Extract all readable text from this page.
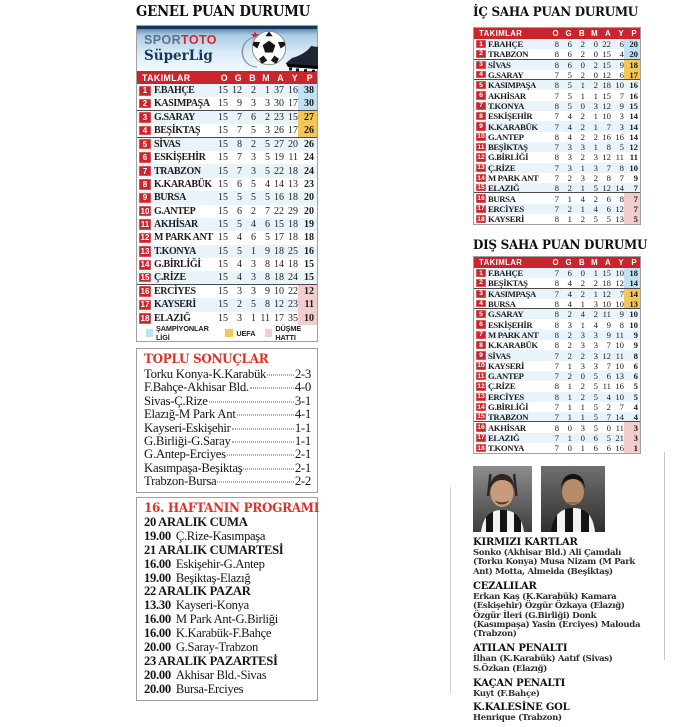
GENEL PUAN DURUMU
SPORTOTO
SüperLig
TAKIMLAR	O G B M A Y P
1 F.BAHÇE	15 12 2 1 37 16 38
2 KASIMPAŞA 15 9 3 3 30 17 30
3 G.SARAY	15 7 6 2 23 15 27
4 BEŞİKTAŞ	15 7 5 3 26 17 26
5 SİVAS	15 8 2 5 27 20 26
6 ESKİŞEHİR	15 7 3 5 19 11 24
7 TRABZON	15 7 3 5 22 18 24
8 K.KARABÜK 15 6 5 4 14 13 23
9 BURSA	15 5 5 5 16 18 20
10 G.ANTEP	15 6 2 7 22 29 20
11 AKHİSAR	15 5 4 6 15 18 19
12 M PARK ANT 15 4 6 5 17 18 18
13 T.KONYA	15 5 1 9 18 25 16
14 G.BİRLİĞİ	15 4 3 8 14 18 15
15 Ç.RİZE	15 4 3 8 18 24 15
16 ERCİYES	15 3 3 9 10 22 12
17 KAYSERİ	15 2 5 8 12 23 11
18 ELAZIĞ	15 3 1 11 17 35 10
ŞAMPİYONLAR LİGİ	UEFA	DÜŞME HATTI
TOPLU SONUÇLAR
Torku Konya-K.Karabük 2-3
F.Bahçe-Akhisar Bld.	4-0
Sivas-Ç.Rize	3-1
Elazığ-M Park Ant	4-1
Kayseri-Eskişehir	1-1
G.Birliği-G.Saray	1-1
G.Antep-Erciyes	2-1
Kasımpaşa-Beşiktaş	2-1
Trabzon-Bursa	2-2
16. HAFTANIN PROGRAMI
20 ARALIK CUMA
19.00 Ç.Rize-Kasımpaşa
21 ARALIK CUMARTESİ
16.00 Eskişehir-G.Antep
19.00 Beşiktaş-Elazığ
22 ARALIK PAZAR
13.30 Kayseri-Konya
16.00 M Park Ant-G.Birliği
16.00 K.Karabük-F.Bahçe
20.00 G.Saray-Trabzon
23 ARALIK PAZARTESİ
20.00 Akhisar Bld.-Sivas
20.00 Bursa-Erciyes
İÇ SAHA PUAN DURUMU
TAKIMLAR	O G B M A Y P
1 F.BAHÇE	8 6 2 0 22 6 20
2 TRABZON	8 6 2 0 15 4 20
3 SİVAS	8 6 0 2 15 9 18
4 G.SARAY	7 5 2 0 12 6 17
5 KASIMPAŞA	8 5 1 2 18 10 16
6 AKHİSAR	7 5 1 1 15 7 16
7 T.KONYA	8 5 0 3 12 9 15
8 ESKİŞEHİR	7 4 2 1 10 3 14
9 K.KARABÜK	7 4 2 1 7 3 14
10 G.ANTEP	8 4 2 2 16 16 14
11 BEŞİKTAŞ	7 3 3 1 8 5 12
12 G.BİRLİĞİ	8 3 2 3 12 11 11
13 Ç.RİZE	7 3 1 3 7 8 10
14 M PARK ANT	7 2 3 2 8 7	9
15 ELAZIĞ	8 2 1 5 12 14	7
16 BURSA	7 1 4 2 6 8	7
17 ERCİYES	7 2 1 4 6 12	7
18 KAYSERİ	8 1 2 5 5 13	5
DIŞ SAHA PUAN DURUMU
TAKIMLAR	O G B M A Y P
1 F.BAHÇE	7 6 0 1 15 10 18
2 BEŞİKTAŞ	8 4 2 2 18 12 14
3 KASIMPAŞA	7 4 2 1 12 7 14
4 BURSA	8 4 1 3 10 10 13
5 G.SARAY	8 2 4 2 11 9 10
6 ESKİŞEHİR	8 3 1 4 9 8 10
7 M PARK ANT	8 2 3 3 9 11	9
8 K.KARABÜK	8 2 3 3 7 10	9
9 SİVAS	7 2 2 3 12 11	8
10 KAYSERİ	7 1 3 3 7 10	6
11 G.ANTEP	7 2 0 5 6 13	6
12 Ç.RİZE	8 1 2 5 11 16	5
13 ERCİYES	8 1 2 5 4 10	5
14 G.BİRLİĞİ	7 1 1 5 2 7	4
15 TRABZON	7 1 1 5 7 14	4
16 AKHİSAR	8 0 3 5 0 11	3
17 ELAZIĞ	7 1 0 6 5 21	3
18 T.KONYA	7 0 1 6 6 16	1
KIRMIZI KARTLAR
Sonko (Akhisar Bld.) Ali Çamdalı (Torku Konya) Musa Nizam (M Park Ant) Motta, Almeida (Beşiktaş)
CEZALILAR
Erkan Kaş (K.Karabük) Kamara (Eskişehir) Özgür Özkaya (Elazığ) Özgür İleri (G.Birliği) Donk (Kasımpaşa) Yasin (Erciyes) Malouda (Trabzon)
ATILAN PENALTI
İlhan (K.Karabük) Aatıf (Sivas) S.Özkan (Elazığ)
KAÇAN PENALTI
Kuyt (F.Bahçe)
K.KALESİNE GOL
Henrique (Trabzon)
